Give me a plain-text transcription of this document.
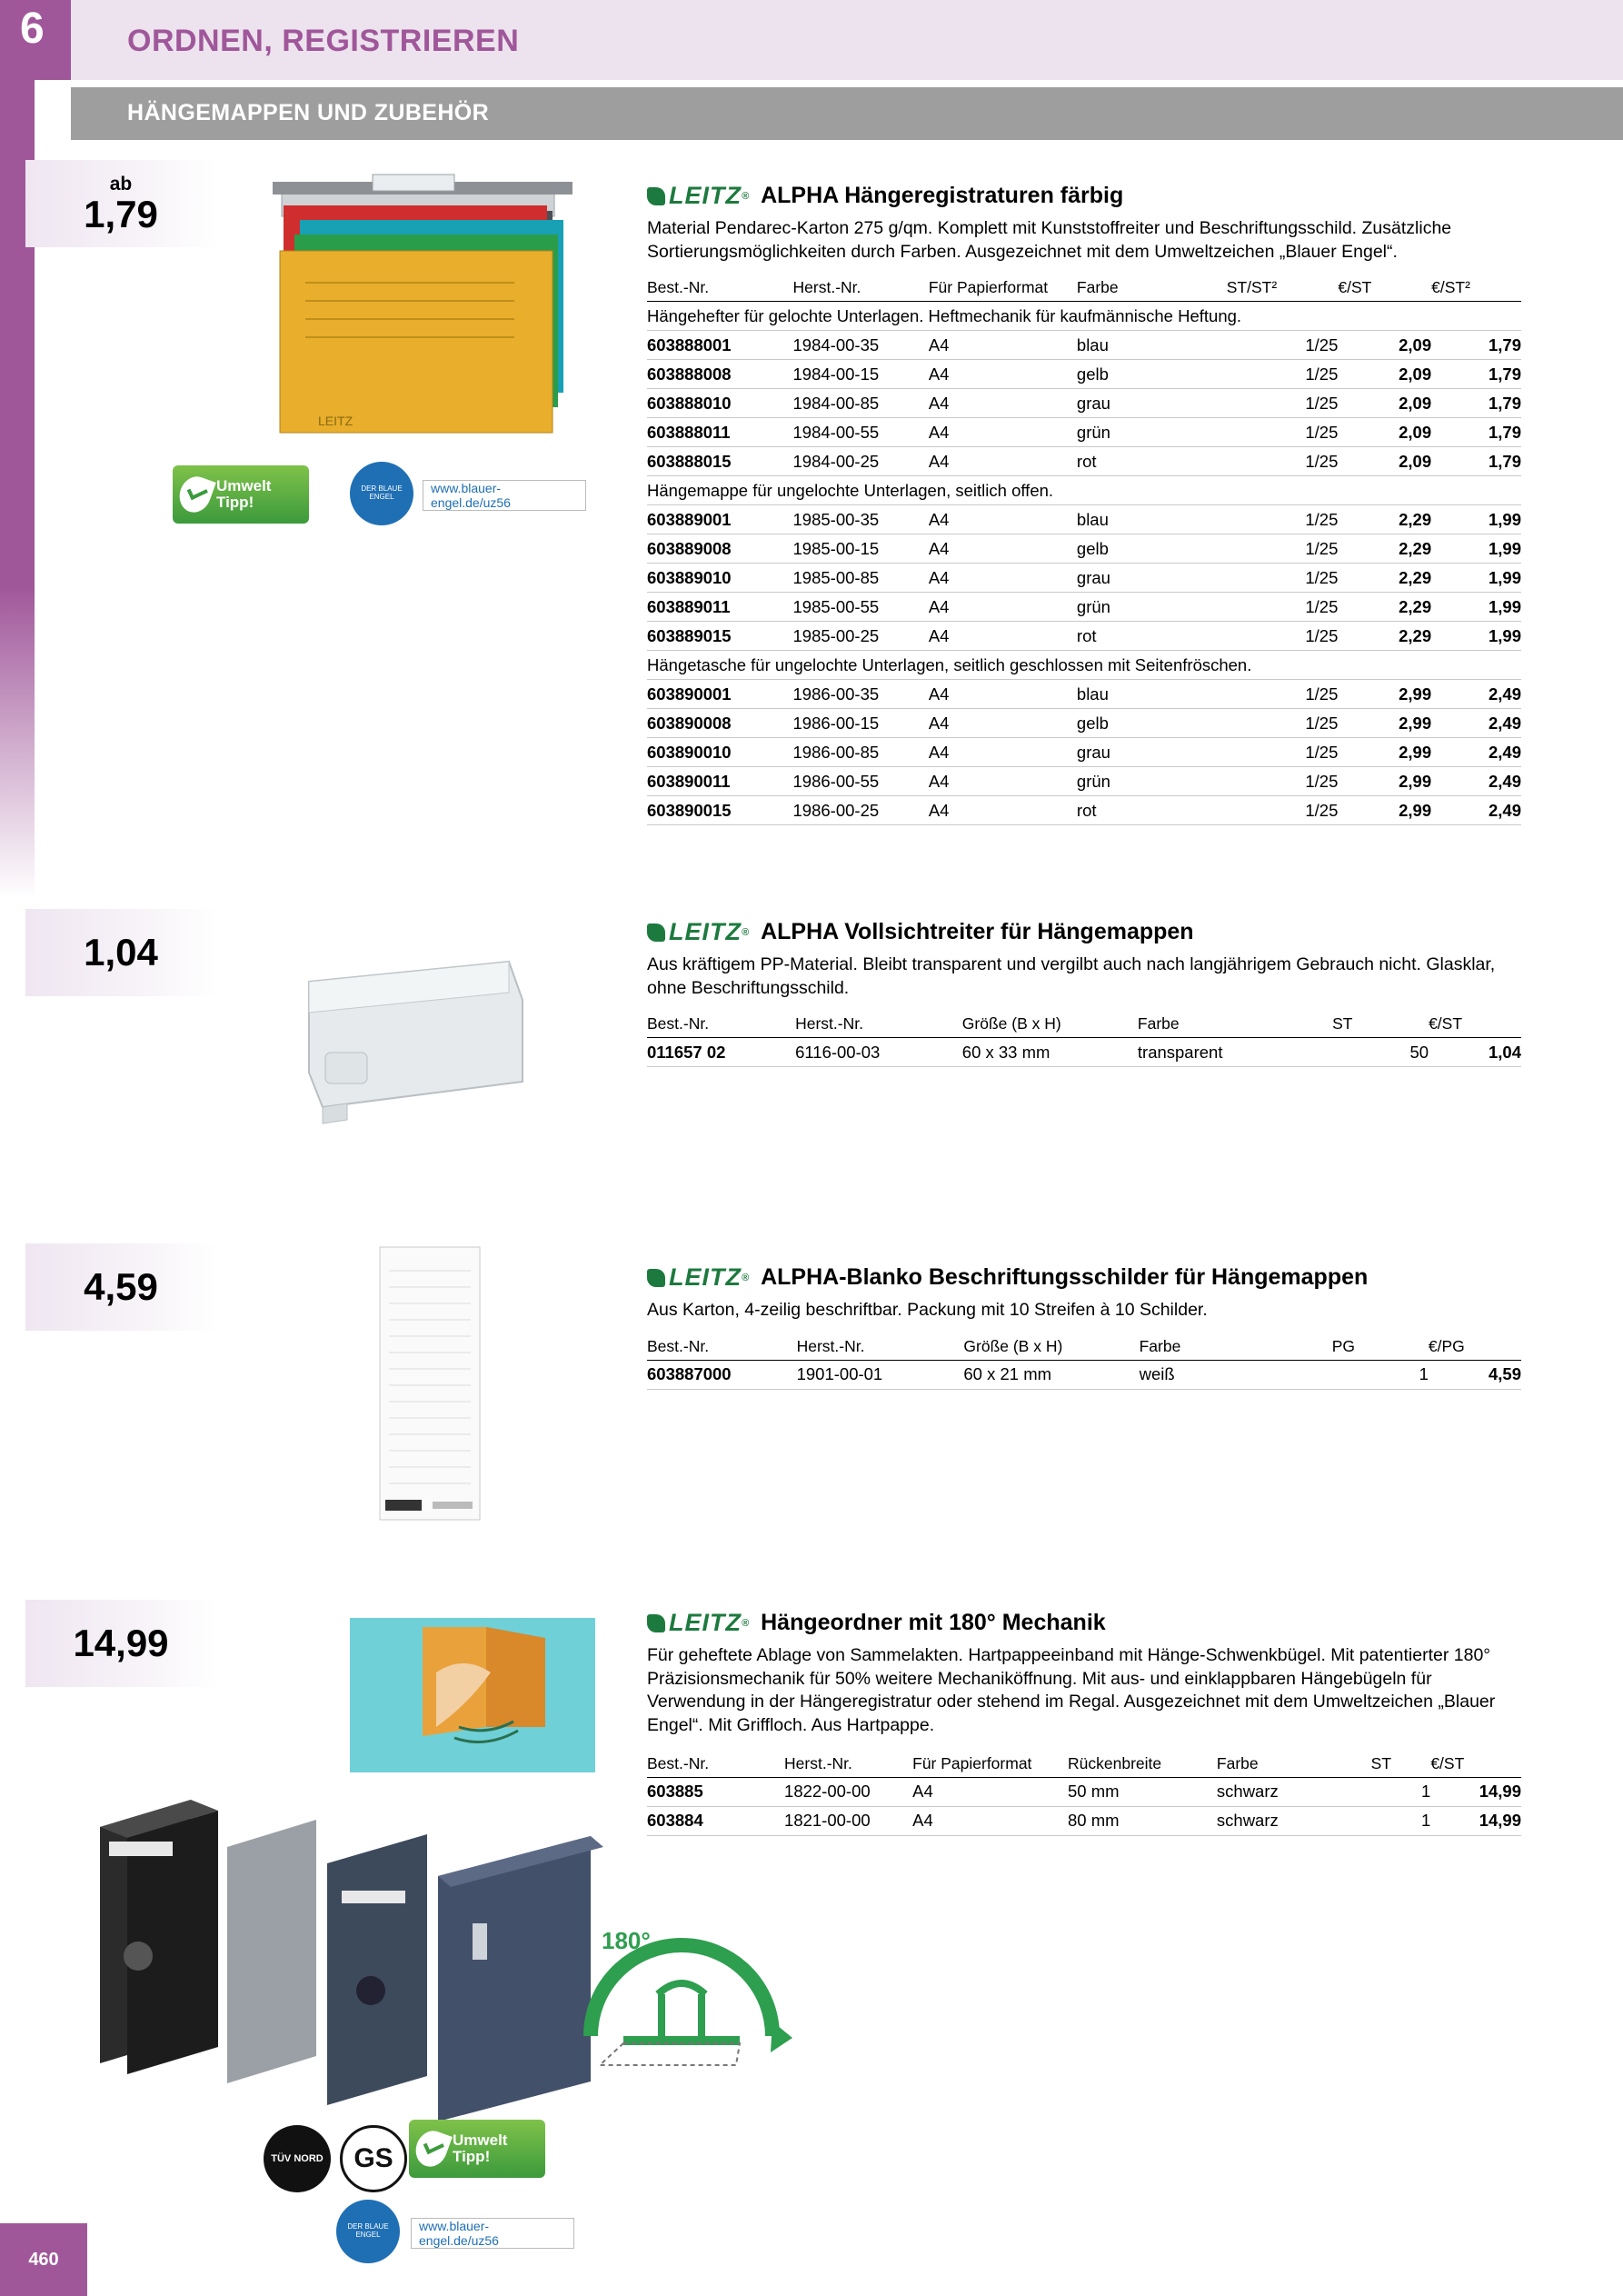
6	ORDNEN, REGISTRIEREN
HÄNGEMAPPEN UND ZUBEHÖR
ab
1,79
1,04
4,59
14,99
LEITZ
Umwelt
Tipp!
DER BLAUE ENGEL
www.blauer-engel.de/uz56
LEITZ ® ALPHA Hängeregistraturen färbig
Material Pendarec-Karton 275 g/qm. Komplett mit Kunststoffreiter und Beschriftungsschild. Zusätzliche Sortierungsmöglichkeiten durch Farben. Ausgezeichnet mit dem Umweltzeichen „Blauer Engel“.
Best.-Nr.	Herst.-Nr.	Für Papierformat	Farbe	ST/ST²	€/ST	€/ST²
Hängehefter für gelochte Unterlagen. Heftmechanik für kaufmännische Heftung.						
603888001	1984-00-35	A4	blau	1/25	2,09	1,79
603888008	1984-00-15	A4	gelb	1/25	2,09	1,79
603888010	1984-00-85	A4	grau	1/25	2,09	1,79
603888011	1984-00-55	A4	grün	1/25	2,09	1,79
603888015	1984-00-25	A4	rot	1/25	2,09	1,79
Hängemappe für ungelochte Unterlagen, seitlich offen.						
603889001	1985-00-35	A4	blau	1/25	2,29	1,99
603889008	1985-00-15	A4	gelb	1/25	2,29	1,99
603889010	1985-00-85	A4	grau	1/25	2,29	1,99
603889011	1985-00-55	A4	grün	1/25	2,29	1,99
603889015	1985-00-25	A4	rot	1/25	2,29	1,99
Hängetasche für ungelochte Unterlagen, seitlich geschlossen mit Seitenfröschen.						
603890001	1986-00-35	A4	blau	1/25	2,99	2,49
603890008	1986-00-15	A4	gelb	1/25	2,99	2,49
603890010	1986-00-85	A4	grau	1/25	2,99	2,49
603890011	1986-00-55	A4	grün	1/25	2,99	2,49
603890015	1986-00-25	A4	rot	1/25	2,99	2,49
LEITZ ® ALPHA Vollsichtreiter für Hängemappen
Aus kräftigem PP-Material. Bleibt transparent und vergilbt auch nach langjährigem Gebrauch nicht. Glasklar, ohne Beschriftungsschild.
Best.-Nr.	Herst.-Nr.	Größe (B x H)	Farbe	ST	€/ST
011657 02	6116-00-03	60 x 33 mm	transparent	50	1,04
LEITZ ® ALPHA-Blanko Beschriftungsschilder für Hängemappen
Aus Karton, 4-zeilig beschriftbar. Packung mit 10 Streifen à 10 Schilder.
Best.-Nr.	Herst.-Nr.	Größe (B x H)	Farbe	PG	€/PG
603887000	1901-00-01	60 x 21 mm	weiß	1	4,59
LEITZ ® Hängeordner mit 180° Mechanik
Für geheftete Ablage von Sammelakten. Hartpappeeinband mit Hänge-Schwenkbügel. Mit patentierter 180° Präzisionsmechanik für 50% weitere Mechaniköffnung. Mit aus- und einklappbaren Hängebügeln für Verwendung in der Hängeregistratur oder stehend im Regal. Ausgezeichnet mit dem Umweltzeichen „Blauer Engel“. Mit Griffloch. Aus Hartpappe.
Best.-Nr.	Herst.-Nr.	Für Papierformat	Rückenbreite	Farbe	ST	€/ST
603885	1822-00-00	A4	50 mm	schwarz	1	14,99
603884	1821-00-00	A4	80 mm	schwarz	1	14,99
180°
TÜV NORD	GS
Umwelt
Tipp!
DER BLAUE ENGEL
www.blauer-engel.de/uz56
460
